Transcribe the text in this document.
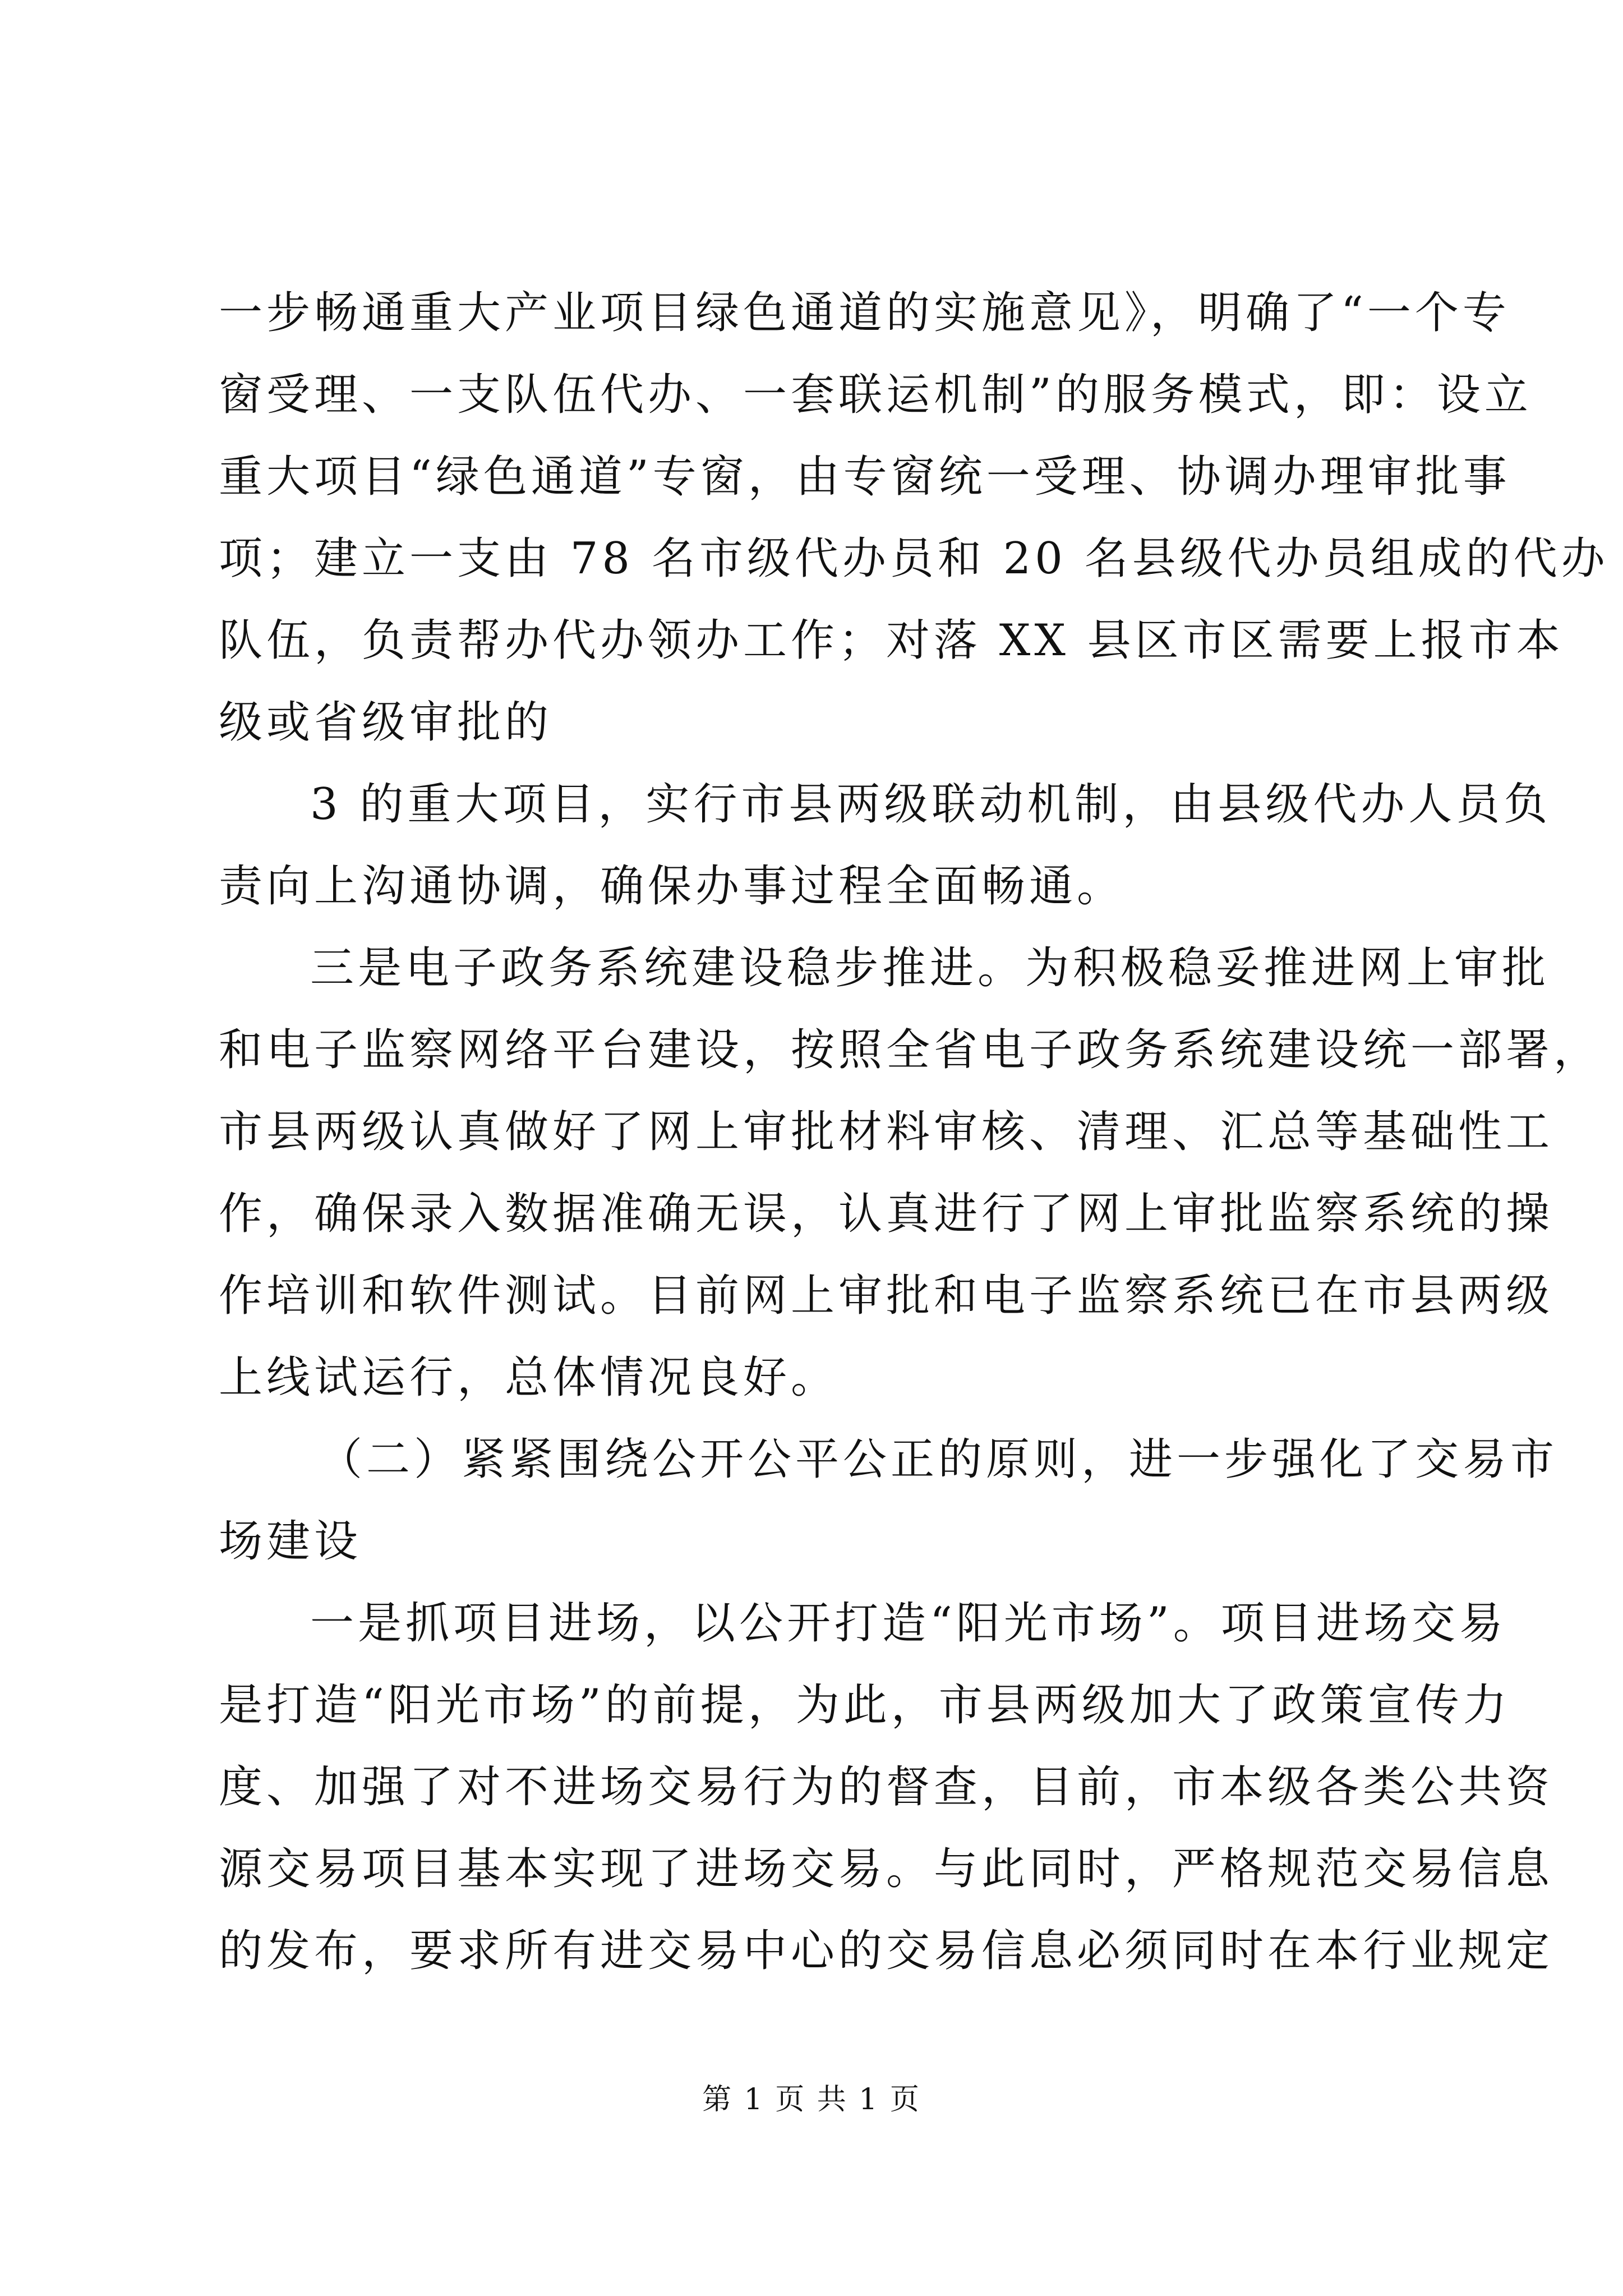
一步畅通重大产业项目绿色通道的实施意见》，明确了“一个专
窗受理、一支队伍代办、一套联运机制”的服务模式，即：设立
重大项目“绿色通道”专窗，由专窗统一受理、协调办理审批事
项；建立一支由 78 名市级代办员和 20 名县级代办员组成的代办
队伍，负责帮办代办领办工作；对落 XX 县区市区需要上报市本
级或省级审批的
3 的重大项目，实行市县两级联动机制，由县级代办人员负
责向上沟通协调，确保办事过程全面畅通。
三是电子政务系统建设稳步推进。为积极稳妥推进网上审批
和电子监察网络平台建设，按照全省电子政务系统建设统一部署，
市县两级认真做好了网上审批材料审核、清理、汇总等基础性工
作，确保录入数据准确无误，认真进行了网上审批监察系统的操
作培训和软件测试。目前网上审批和电子监察系统已在市县两级
上线试运行，总体情况良好。
（二）紧紧围绕公开公平公正的原则，进一步强化了交易市
场建设
一是抓项目进场，以公开打造“阳光市场”。项目进场交易
是打造“阳光市场”的前提，为此，市县两级加大了政策宣传力
度、加强了对不进场交易行为的督查，目前，市本级各类公共资
源交易项目基本实现了进场交易。与此同时，严格规范交易信息
的发布，要求所有进交易中心的交易信息必须同时在本行业规定
第 1 页 共 1 页
